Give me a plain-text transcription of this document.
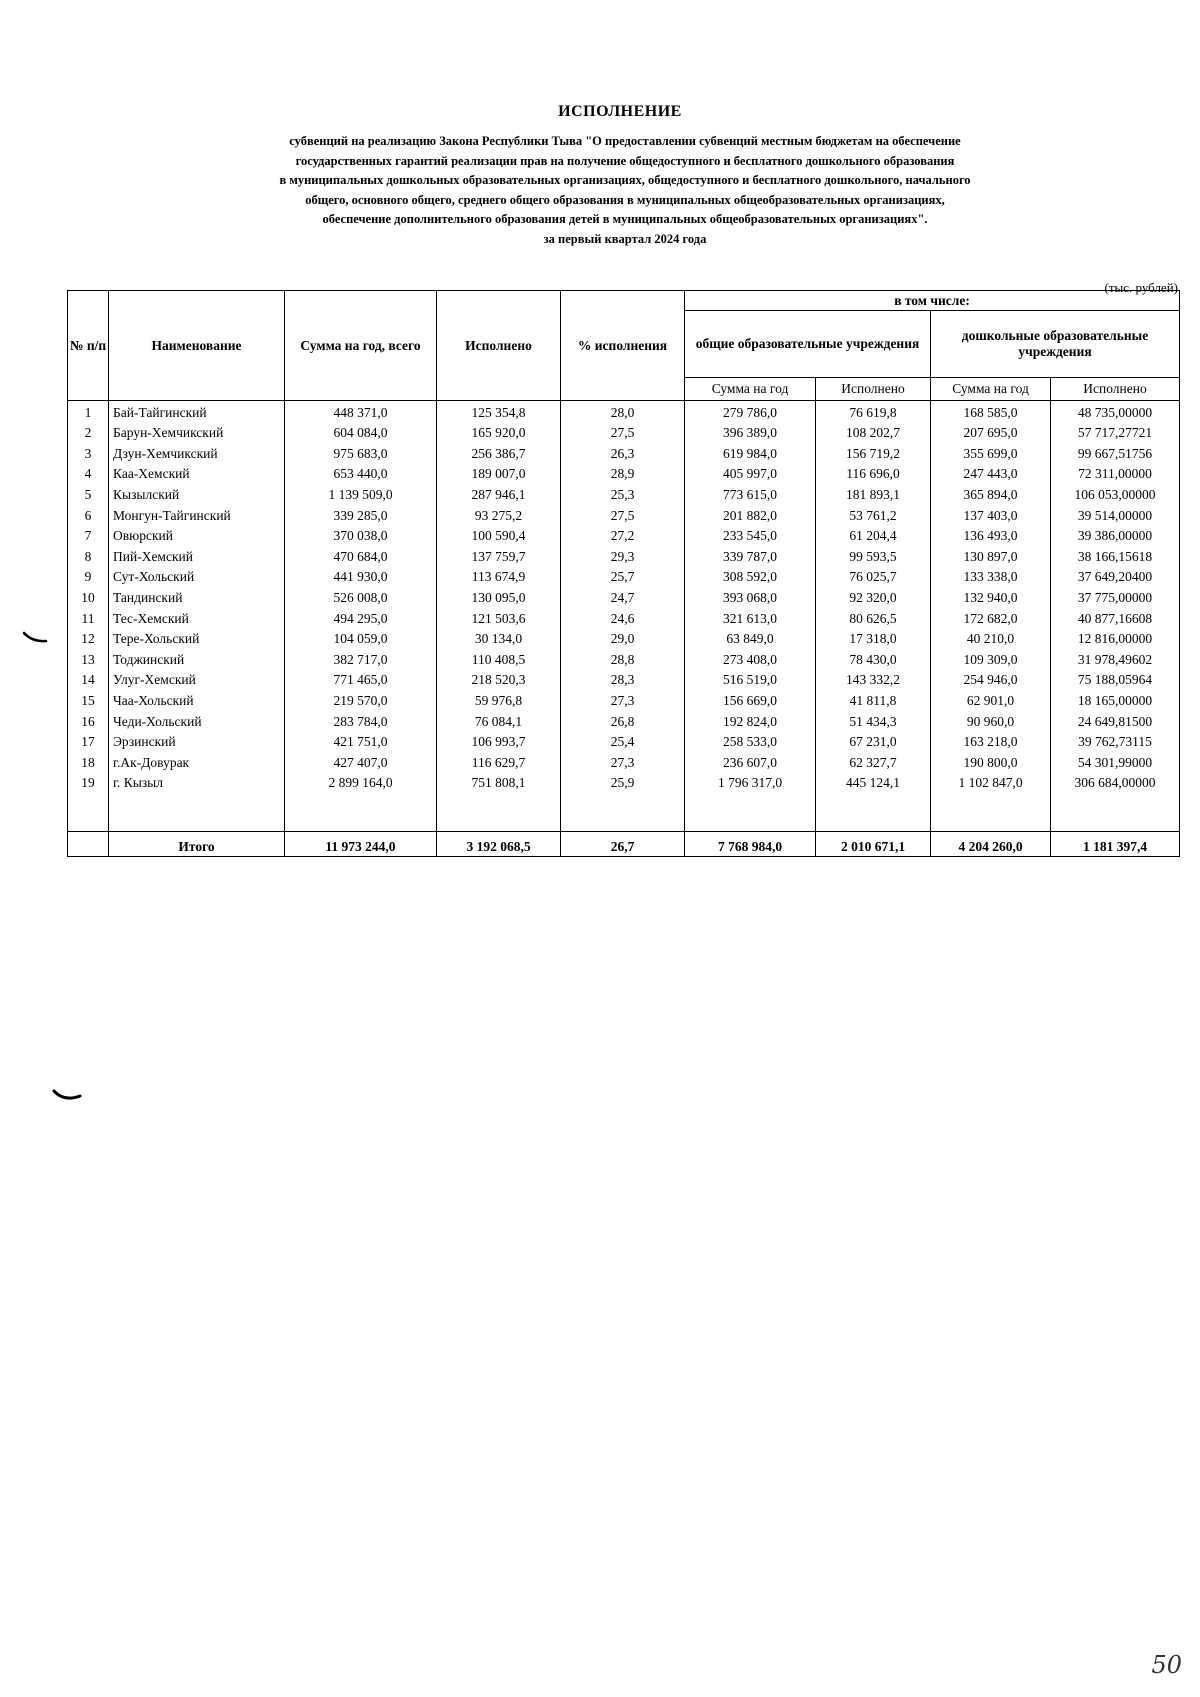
ИСПОЛНЕНИЕ
субвенций на реализацию Закона Республики Тыва "О предоставлении субвенций местным бюджетам на обеспечение
государственных гарантий реализации прав на получение общедоступного и бесплатного дошкольного образования
в муниципальных дошкольных образовательных организациях, общедоступного и бесплатного дошкольного, начального
общего, основного общего, среднего общего образования в муниципальных общеобразовательных организациях,
обеспечение дополнительного образования детей в муниципальных общеобразовательных организациях".
за первый квартал 2024 года
(тыс. рублей)
№ п/п	Наименование	Сумма на год, всего	Исполнено	% исполнения	в том числе:			
					общие образовательные учреждения		дошкольные образовательные учреждения	
					Сумма на год	Исполнено	Сумма на год	Исполнено
1	Бай-Тайгинский	448 371,0	125 354,8	28,0	279 786,0	76 619,8	168 585,0	48 735,00000
2	Барун-Хемчикский	604 084,0	165 920,0	27,5	396 389,0	108 202,7	207 695,0	57 717,27721
3	Дзун-Хемчикский	975 683,0	256 386,7	26,3	619 984,0	156 719,2	355 699,0	99 667,51756
4	Каа-Хемский	653 440,0	189 007,0	28,9	405 997,0	116 696,0	247 443,0	72 311,00000
5	Кызылский	1 139 509,0	287 946,1	25,3	773 615,0	181 893,1	365 894,0	106 053,00000
6	Монгун-Тайгинский	339 285,0	93 275,2	27,5	201 882,0	53 761,2	137 403,0	39 514,00000
7	Овюрский	370 038,0	100 590,4	27,2	233 545,0	61 204,4	136 493,0	39 386,00000
8	Пий-Хемский	470 684,0	137 759,7	29,3	339 787,0	99 593,5	130 897,0	38 166,15618
9	Сут-Хольский	441 930,0	113 674,9	25,7	308 592,0	76 025,7	133 338,0	37 649,20400
10	Тандинский	526 008,0	130 095,0	24,7	393 068,0	92 320,0	132 940,0	37 775,00000
11	Тес-Хемский	494 295,0	121 503,6	24,6	321 613,0	80 626,5	172 682,0	40 877,16608
12	Тере-Хольский	104 059,0	30 134,0	29,0	63 849,0	17 318,0	40 210,0	12 816,00000
13	Тоджинский	382 717,0	110 408,5	28,8	273 408,0	78 430,0	109 309,0	31 978,49602
14	Улуг-Хемский	771 465,0	218 520,3	28,3	516 519,0	143 332,2	254 946,0	75 188,05964
15	Чаа-Хольский	219 570,0	59 976,8	27,3	156 669,0	41 811,8	62 901,0	18 165,00000
16	Чеди-Хольский	283 784,0	76 084,1	26,8	192 824,0	51 434,3	90 960,0	24 649,81500
17	Эрзинский	421 751,0	106 993,7	25,4	258 533,0	67 231,0	163 218,0	39 762,73115
18	г.Ак-Довурак	427 407,0	116 629,7	27,3	236 607,0	62 327,7	190 800,0	54 301,99000
19	г. Кызыл	2 899 164,0	751 808,1	25,9	1 796 317,0	445 124,1	1 102 847,0	306 684,00000

	Итого	11 973 244,0	3 192 068,5	26,7	7 768 984,0	2 010 671,1	4 204 260,0	1 181 397,4
50
